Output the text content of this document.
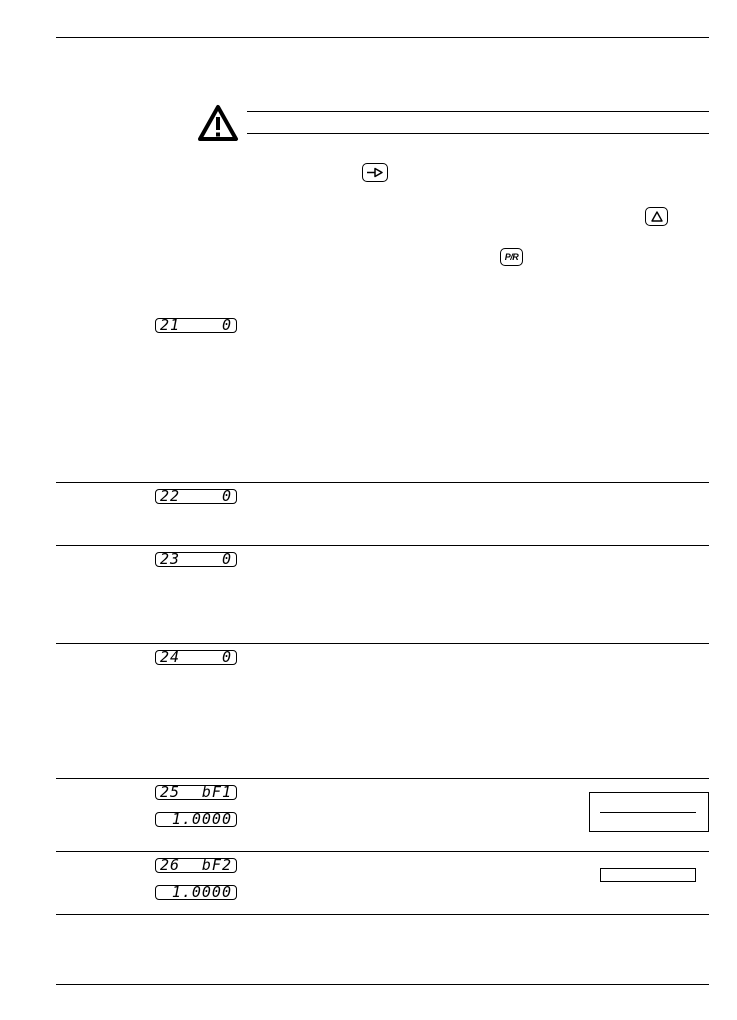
P/R
21	0
22	0
23	0
24	0
25 bF1
1.0000
26 bF2
1.0000
